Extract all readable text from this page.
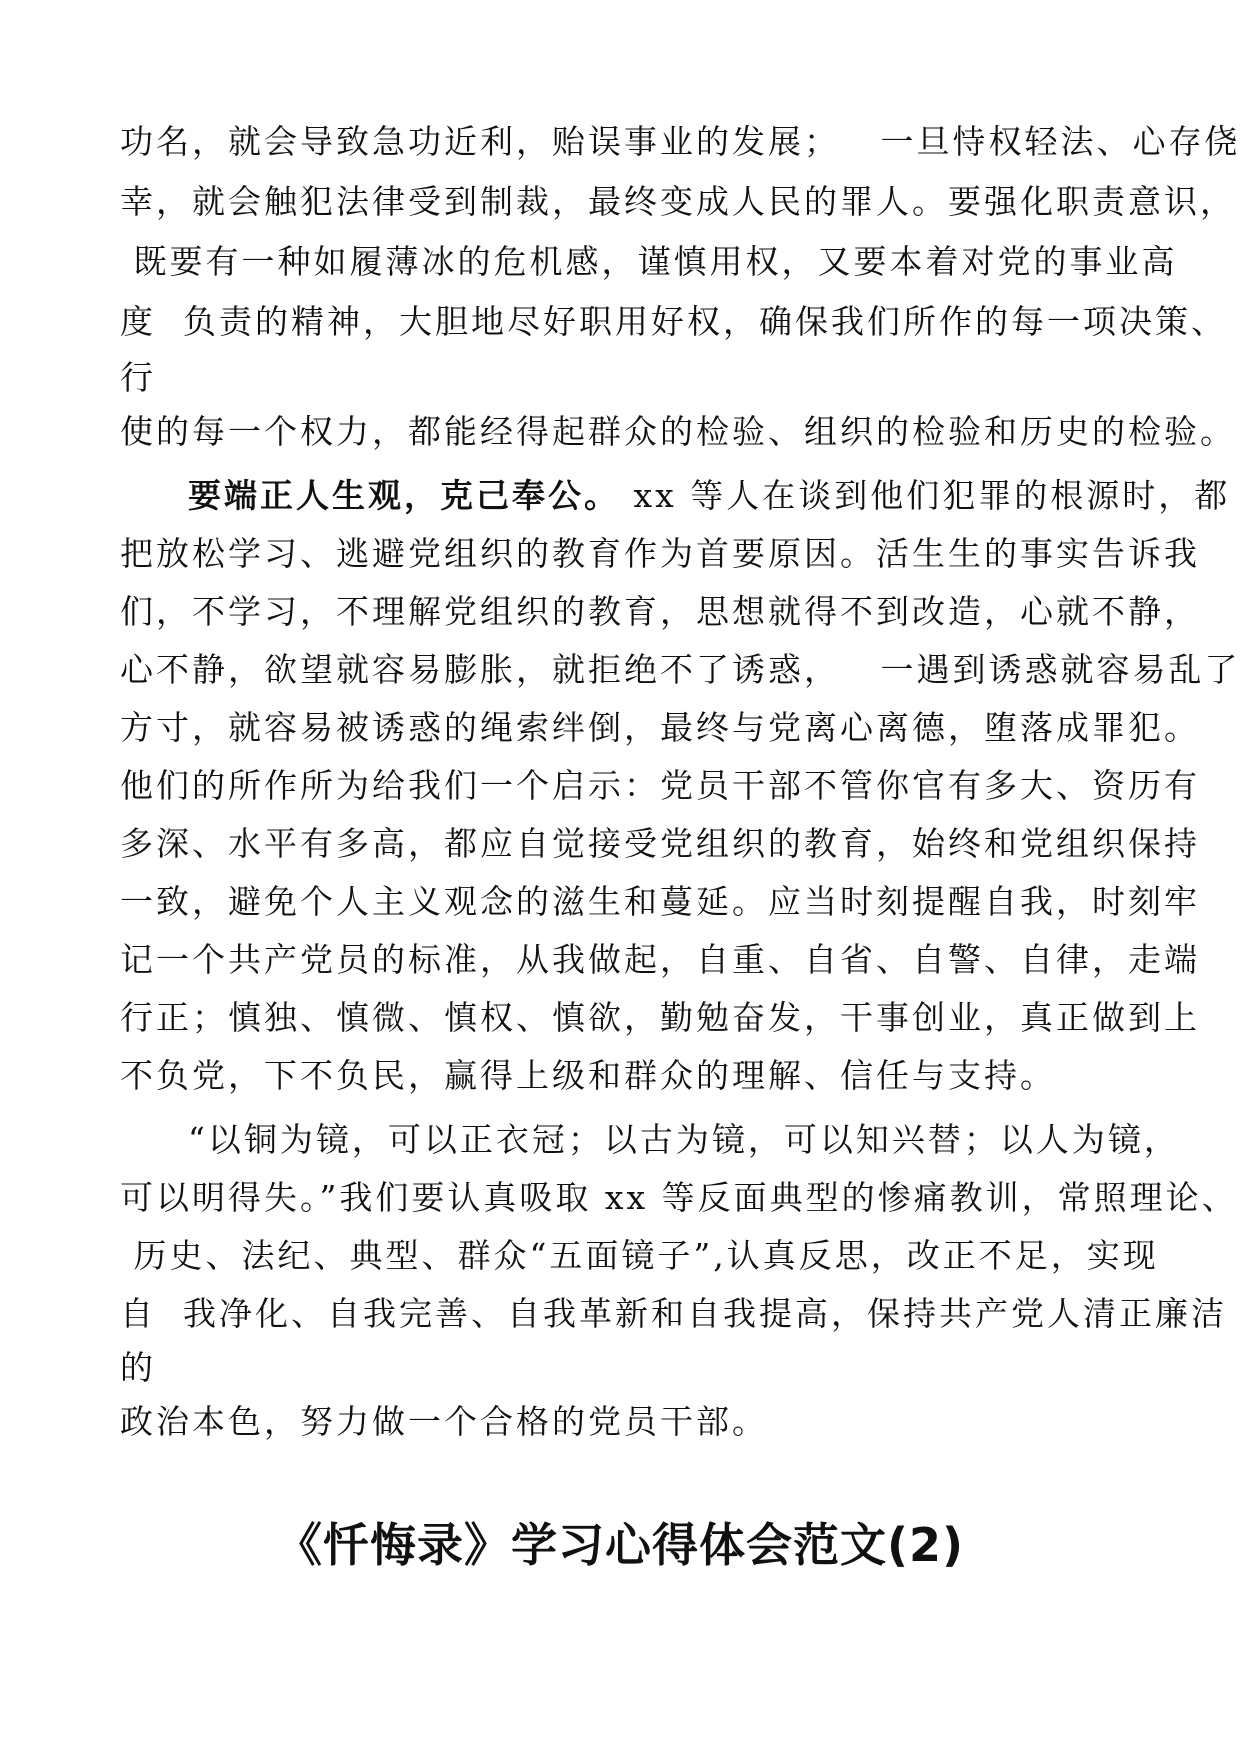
功名，就会导致急功近利，贻误事业的发展；   一旦恃权轻法、心存侥
幸，就会触犯法律受到制裁，最终变成人民的罪人。要强化职责意识，
既要有一种如履薄冰的危机感，谨慎用权，又要本着对党的事业高
度  负责的精神，大胆地尽好职用好权，确保我们所作的每一项决策、
行
使的每一个权力，都能经得起群众的检验、组织的检验和历史的检验。
要端正人生观，克己奉公。 xx 等人在谈到他们犯罪的根源时，都
把放松学习、逃避党组织的教育作为首要原因。活生生的事实告诉我
们，不学习，不理解党组织的教育，思想就得不到改造，心就不静，
心不静，欲望就容易膨胀，就拒绝不了诱惑，   一遇到诱惑就容易乱了
方寸，就容易被诱惑的绳索绊倒，最终与党离心离德，堕落成罪犯。
他们的所作所为给我们一个启示：党员干部不管你官有多大、资历有
多深、水平有多高，都应自觉接受党组织的教育，始终和党组织保持
一致，避免个人主义观念的滋生和蔓延。应当时刻提醒自我，时刻牢
记一个共产党员的标准，从我做起，自重、自省、自警、自律，走端
行正；慎独、慎微、慎权、慎欲，勤勉奋发，干事创业，真正做到上
不负党，下不负民，赢得上级和群众的理解、信任与支持。
“以铜为镜，可以正衣冠；以古为镜，可以知兴替；以人为镜，
可以明得失。”我们要认真吸取 xx 等反面典型的惨痛教训，常照理论、
历史、法纪、典型、群众“五面镜子”,认真反思，改正不足，实现
自  我净化、自我完善、自我革新和自我提高，保持共产党人清正廉洁
的
政治本色，努力做一个合格的党员干部。
《忏悔录》学习心得体会范文(2)
